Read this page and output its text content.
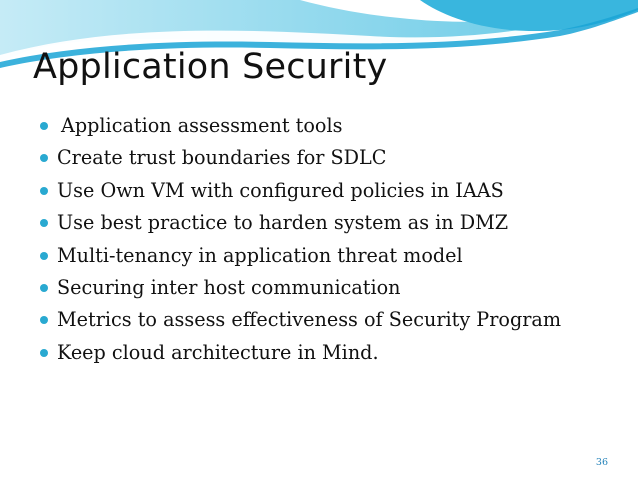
Application Security
Application assessment tools
Create trust boundaries for SDLC
Use Own VM with configured policies in IAAS
Use best practice to harden system as in DMZ
Multi-tenancy in application threat model
Securing inter host communication
Metrics to assess effectiveness of Security Program
Keep cloud architecture in Mind.
36
